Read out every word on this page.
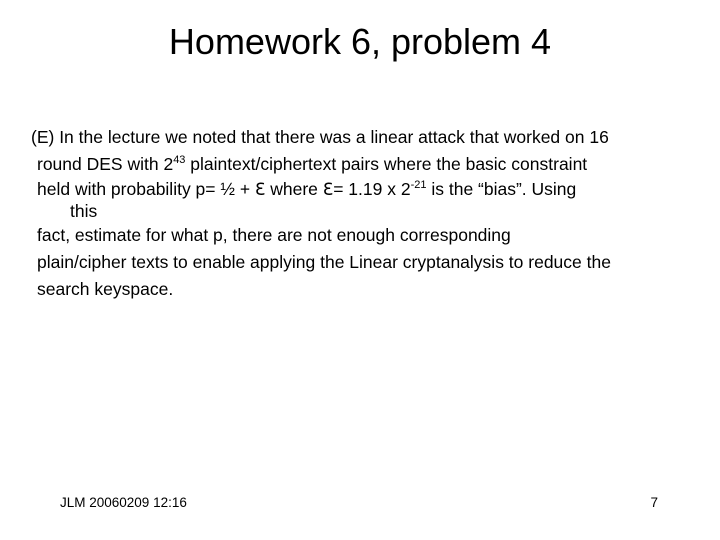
Homework 6, problem 4
(E) In the lecture we noted that there was a linear attack that worked on 16
round DES with $2^{43}$ plaintext/ciphertext pairs where the basic constraint
held with probability p= ½ + ℇ where ℇ= 1.19 x $2^{-21}$ is the “bias”. Using
this
fact, estimate for what p, there are not enough corresponding
plain/cipher texts to enable applying the Linear cryptanalysis to reduce the
search keyspace.
JLM 20060209 12:16	7
